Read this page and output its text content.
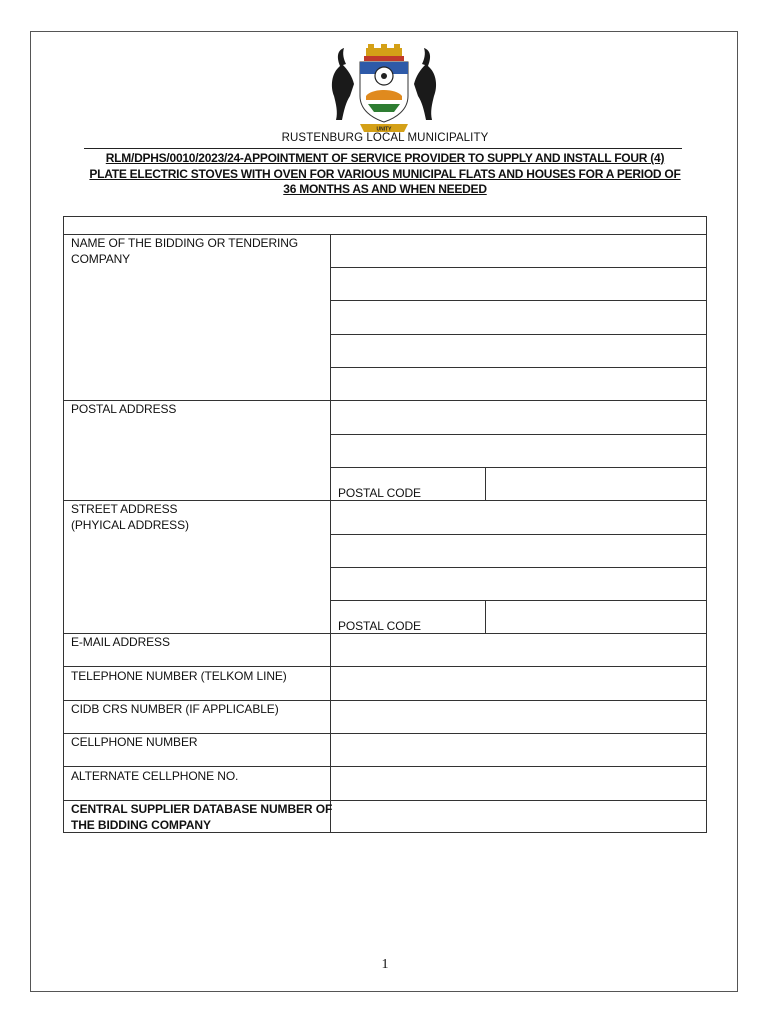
UNITY
RUSTENBURG LOCAL MUNICIPALITY
RLM/DPHS/0010/2023/24-APPOINTMENT OF SERVICE PROVIDER TO SUPPLY AND INSTALL FOUR (4)
PLATE ELECTRIC STOVES WITH OVEN FOR VARIOUS MUNICIPAL FLATS AND HOUSES FOR A PERIOD OF
36 MONTHS AS AND WHEN NEEDED
NAME OF THE BIDDING OR TENDERING
COMPANY
POSTAL ADDRESS
POSTAL CODE
STREET ADDRESS
(PHYICAL ADDRESS)
POSTAL CODE
E-MAIL ADDRESS
TELEPHONE NUMBER (TELKOM LINE)
CIDB CRS NUMBER (IF APPLICABLE)
CELLPHONE NUMBER
ALTERNATE CELLPHONE NO.
CENTRAL SUPPLIER DATABASE NUMBER OF
THE BIDDING COMPANY
1
